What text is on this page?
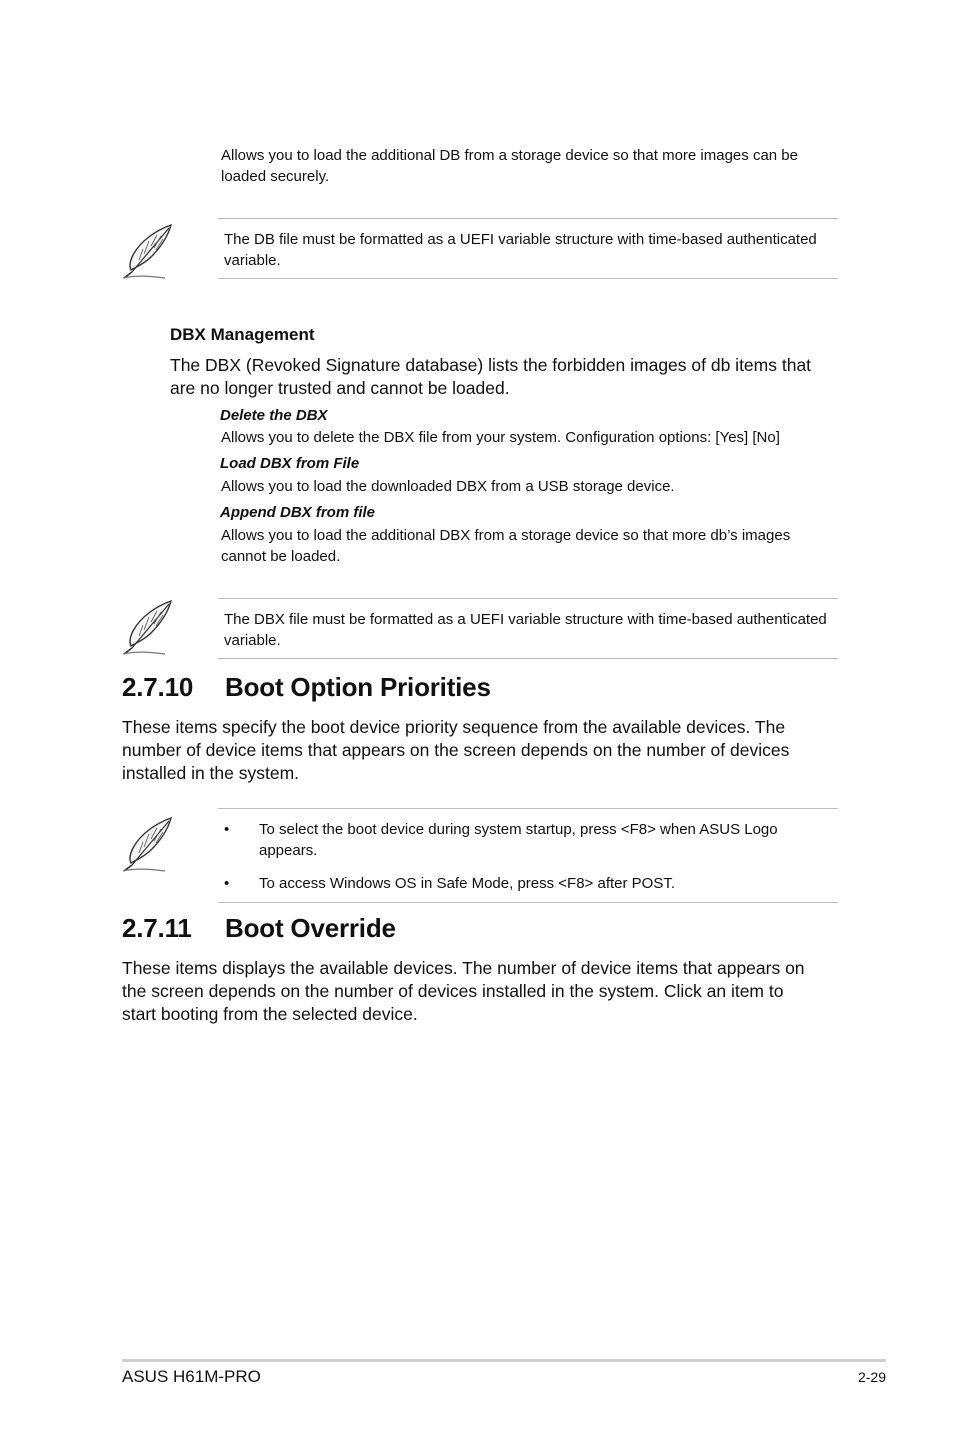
Allows you to load the additional DB from a storage device so that more images can be loaded securely.
The DB file must be formatted as a UEFI variable structure with time-based authenticated variable.
DBX Management
The DBX (Revoked Signature database) lists the forbidden images of db items that are no longer trusted and cannot be loaded.
Delete the DBX
Allows you to delete the DBX file from your system. Configuration options: [Yes] [No]
Load DBX from File
Allows you to load the downloaded DBX from a USB storage device.
Append DBX from file
Allows you to load the additional DBX from a storage device so that more db’s images cannot be loaded.
The DBX file must be formatted as a UEFI variable structure with time-based authenticated variable.
2.7.10 Boot Option Priorities
These items specify the boot device priority sequence from the available devices. The number of device items that appears on the screen depends on the number of devices installed in the system.
• To select the boot device during system startup, press <F8> when ASUS Logo appears.
• To access Windows OS in Safe Mode, press <F8> after POST.
2.7.11 Boot Override
These items displays the available devices. The number of device items that appears on the screen depends on the number of devices installed in the system. Click an item to start booting from the selected device.
ASUS H61M-PRO	2-29
